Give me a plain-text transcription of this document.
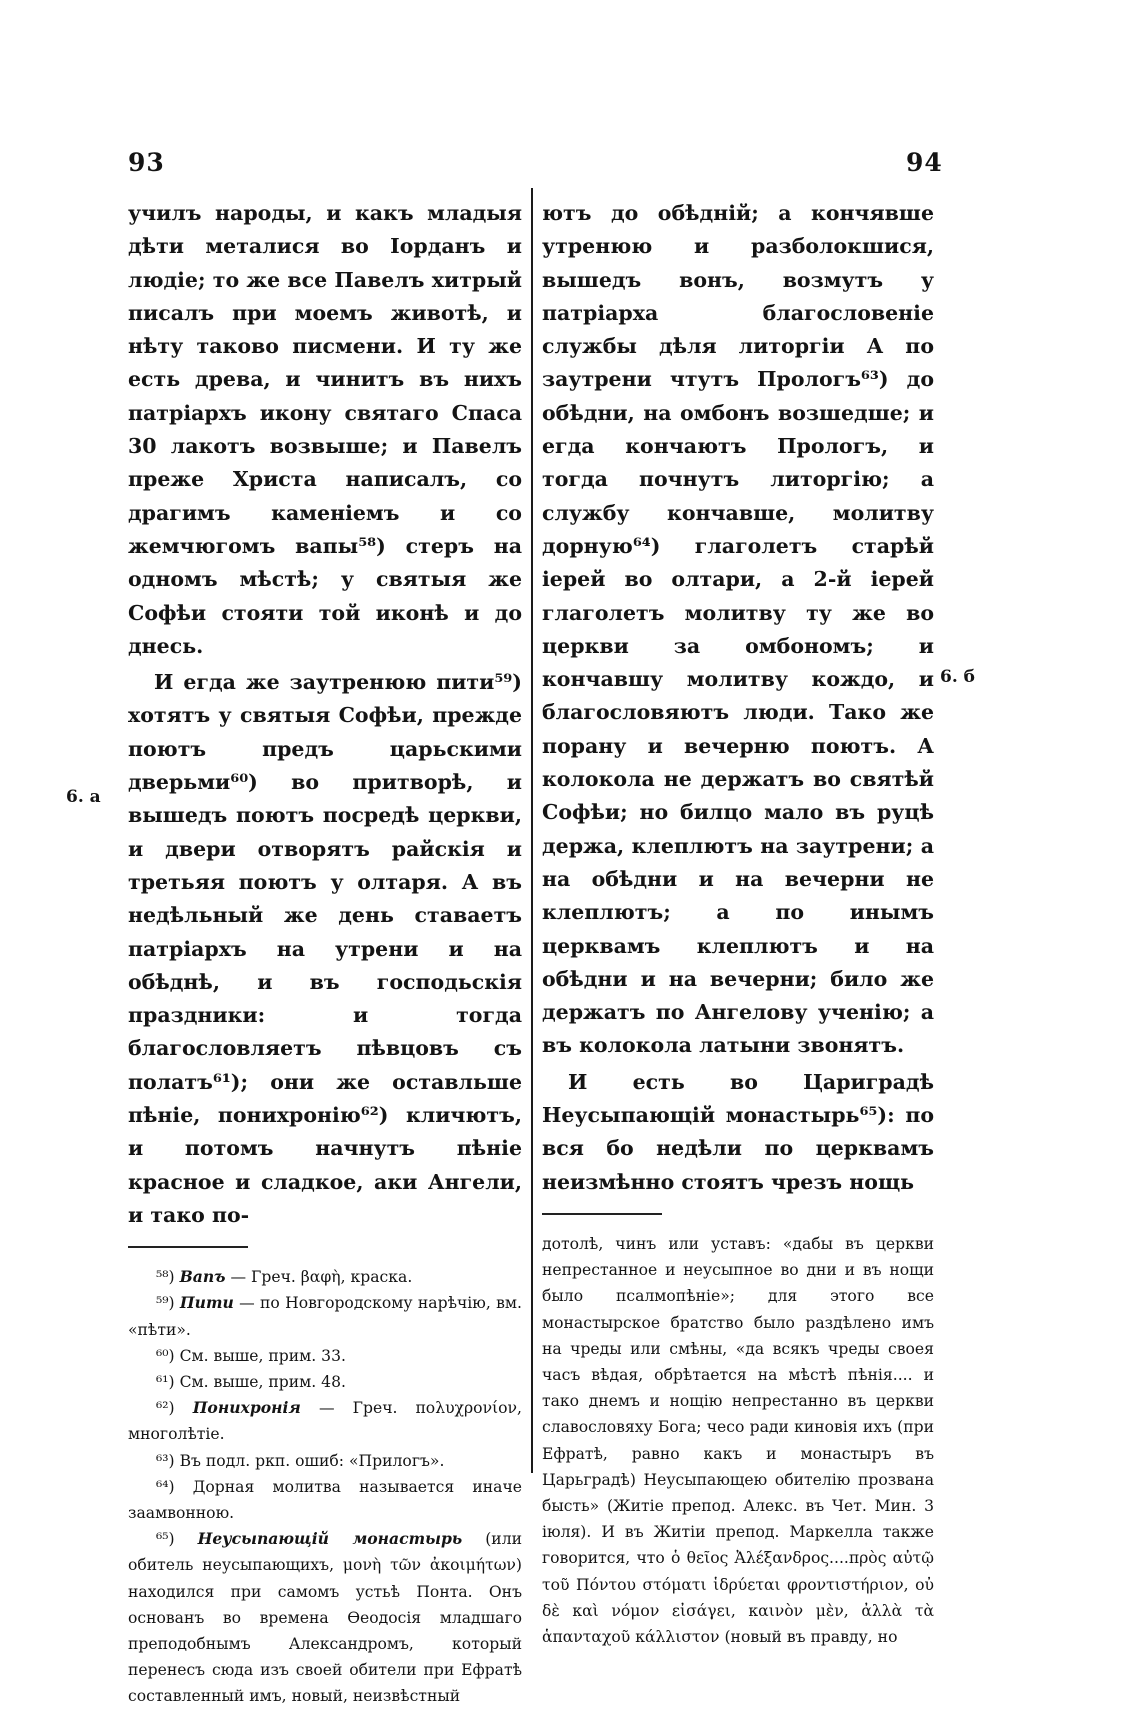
93	94
6. а
6. б

училъ народы, и какъ младыя дѣти металися во Іорданъ и людіе; то же все Павелъ хитрый писалъ при моемъ животѣ, и нѣту таково писмени. И ту же есть древа, и чинитъ въ нихъ патріархъ икону святаго Спаса 30 лакотъ возвыше; и Павелъ преже Христа написалъ, со драгимъ каменіемъ и со жемчюгомъ вапы⁵⁸) стеръ на одномъ мѣстѣ; у святыя же Софѣи стояти той иконѣ и до днесь.

И егда же заутренюю пити⁵⁹) хотятъ у святыя Софѣи, прежде поютъ предъ царьскими дверьми⁶⁰) во притворѣ, и вышедъ поютъ посредѣ церкви, и двери отворятъ райскія и третьяя поютъ у олтаря. А въ недѣльный же день ставаетъ патріархъ на утрени и на обѣднѣ, и въ господьскія праздники: и тогда благословляетъ пѣвцовъ съ полатъ⁶¹); они же оставльше пѣніе, понихронію⁶²) кличютъ, и потомъ начнутъ пѣніе красное и сладкое, аки Ангели, и тако по-

⁵⁸) Вапъ — Греч. βαφὴ, краска.

⁵⁹) Пити — по Новгородскому нарѣчію, вм. «пѣти».

⁶⁰) См. выше, прим. 33.

⁶¹) См. выше, прим. 48.

⁶²) Понихронія — Греч. πολυχρονίον, многолѣтіе.

⁶³) Въ подл. ркп. ошиб: «Прилогъ».

⁶⁴) Дорная молитва называется иначе заамвонною.

⁶⁵) Неусыпающій монастырь (или обитель неусыпающихъ, μονὴ τῶν ἀκοιμήτων) находился при самомъ устьѣ Понта. Онъ основанъ во времена Ѳеодосія младшаго преподобнымъ Александромъ, который перенесъ сюда изъ своей обители при Ефратѣ составленный имъ, новый, неизвѣстный

ютъ до обѣдній; а кончявше утренюю и разболокшися, вышедъ вонъ, возмутъ у патріарха благословеніе службы дѣля литоргіи А по заутрени чтутъ Прологъ⁶³) до обѣдни, на омбонъ возшедше; и егда кончаютъ Прологъ, и тогда почнутъ литоргію; а службу кончавше, молитву дорную⁶⁴) глаголетъ старѣй іерей во олтари, а 2-й іерей глаголетъ молитву ту же во церкви за омбономъ; и кончавшу молитву кождо, и благословяютъ люди. Тако же порану и вечерню поютъ. А колокола не держатъ во святѣй Софѣи; но билцо мало въ руцѣ держа, клеплютъ на заутрени; а на обѣдни и на вечерни не клеплютъ; а по инымъ церквамъ клеплютъ и на обѣдни и на вечерни; било же держатъ по Ангелову ученію; а въ колокола латыни звонятъ.

И есть во Цариградѣ Неусыпающій монастырь⁶⁵): по вся бо недѣли по церквамъ неизмѣнно стоятъ чрезъ нощь

дотолѣ, чинъ или уставъ: «дабы въ церкви непрестанное и неусыпное во дни и въ нощи было псалмопѣніе»; для этого все монастырское братство было раздѣлено имъ на чреды или смѣны, «да всякъ чреды своея часъ вѣдая, обрѣтается на мѣстѣ пѣнія.... и тако днемъ и нощію непрестанно въ церкви славословяху Бога; чесо ради киновія ихъ (при Ефратѣ, равно какъ и монастыръ въ Царьградѣ) Неусыпающею обителію прозвана бысть» (Житіе препод. Алекс. въ Чет. Мин. 3 іюля). И въ Житіи препод. Маркелла также говорится, что ὁ θεῖος Ἀλέξανδρος....πρὸς αὐτῷ τοῦ Πόντου στόματι ἱδρύεται φροντιστήριον, οὐ δὲ καὶ νόμον εἰσάγει, καινὸν μὲν, ἀλλὰ τὰ ἁπανταχοῦ κάλλιστον (новый въ правду, но
